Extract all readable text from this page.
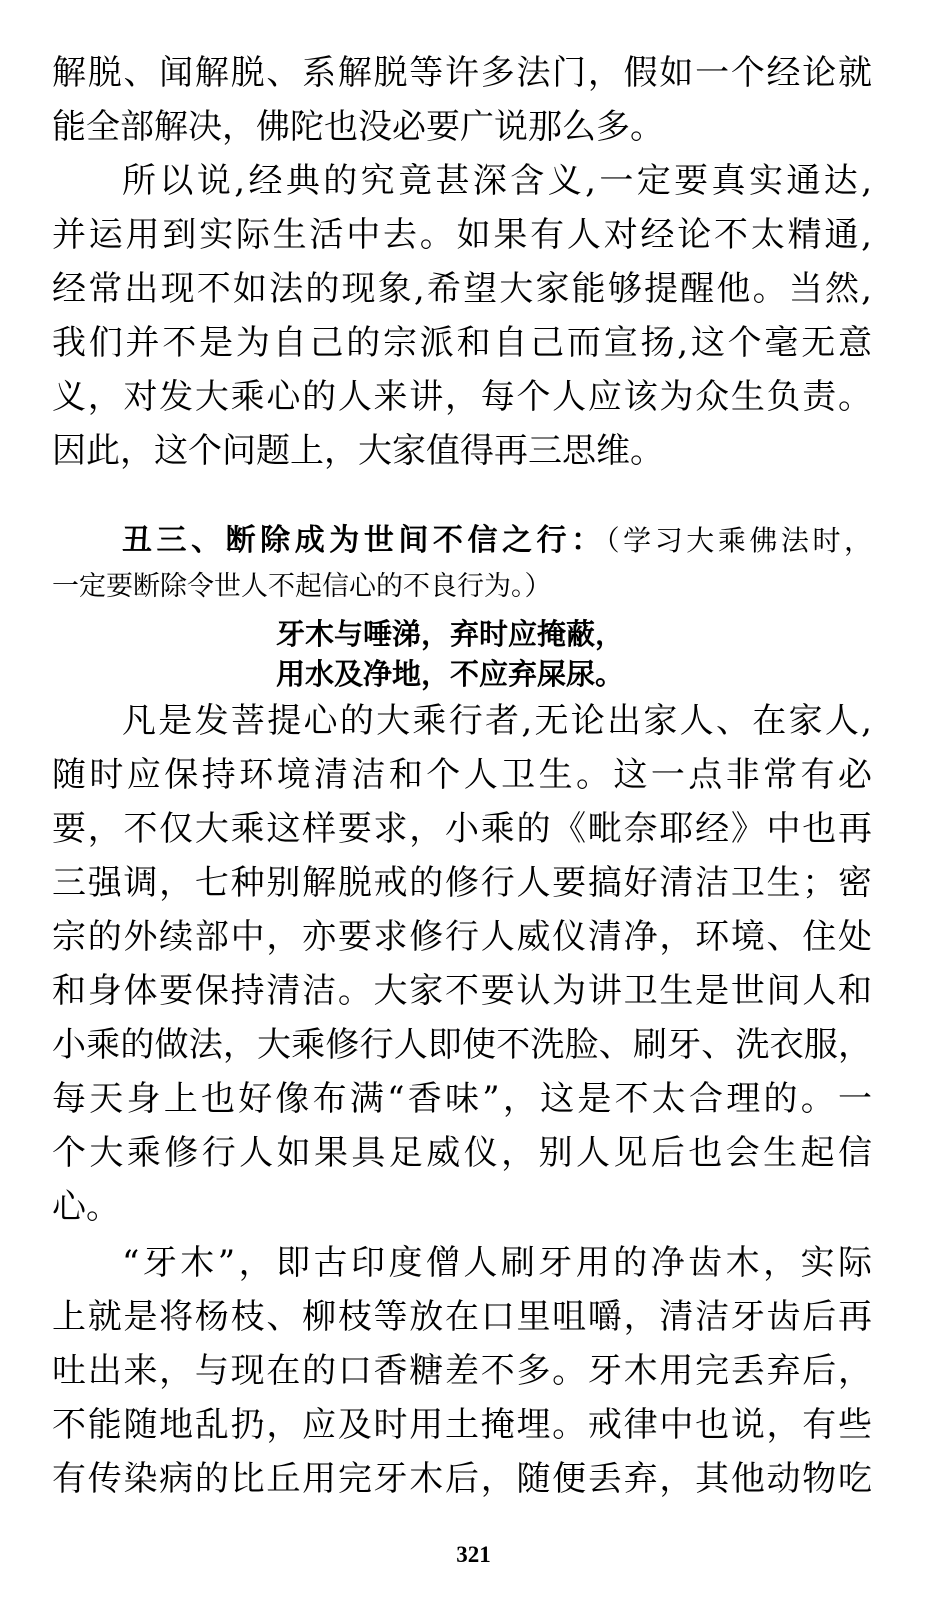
解脱、闻解脱、系解脱等许多法门，假如一个经论就
能全部解决，佛陀也没必要广说那么多。
所以说,经典的究竟甚深含义,一定要真实通达,
并运用到实际生活中去。如果有人对经论不太精通,
经常出现不如法的现象,希望大家能够提醒他。当然,
我们并不是为自己的宗派和自己而宣扬,这个毫无意
义，对发大乘心的人来讲，每个人应该为众生负责。
因此，这个问题上，大家值得再三思维。
丑三、断除成为世间不信之行：（学习大乘佛法时，
一定要断除令世人不起信心的不良行为。）
牙木与唾涕，弃时应掩蔽，
用水及净地，不应弃屎尿。
凡是发菩提心的大乘行者,无论出家人、在家人,
随时应保持环境清洁和个人卫生。这一点非常有必
要，不仅大乘这样要求，小乘的《毗奈耶经》中也再
三强调，七种别解脱戒的修行人要搞好清洁卫生；密
宗的外续部中，亦要求修行人威仪清净，环境、住处
和身体要保持清洁。大家不要认为讲卫生是世间人和
小乘的做法，大乘修行人即使不洗脸、刷牙、洗衣服，
每天身上也好像布满“香味”，这是不太合理的。一
个大乘修行人如果具足威仪，别人见后也会生起信
心。
“牙木”，即古印度僧人刷牙用的净齿木，实际
上就是将杨枝、柳枝等放在口里咀嚼，清洁牙齿后再
吐出来，与现在的口香糖差不多。牙木用完丢弃后，
不能随地乱扔，应及时用土掩埋。戒律中也说，有些
有传染病的比丘用完牙木后，随便丢弃，其他动物吃
321
